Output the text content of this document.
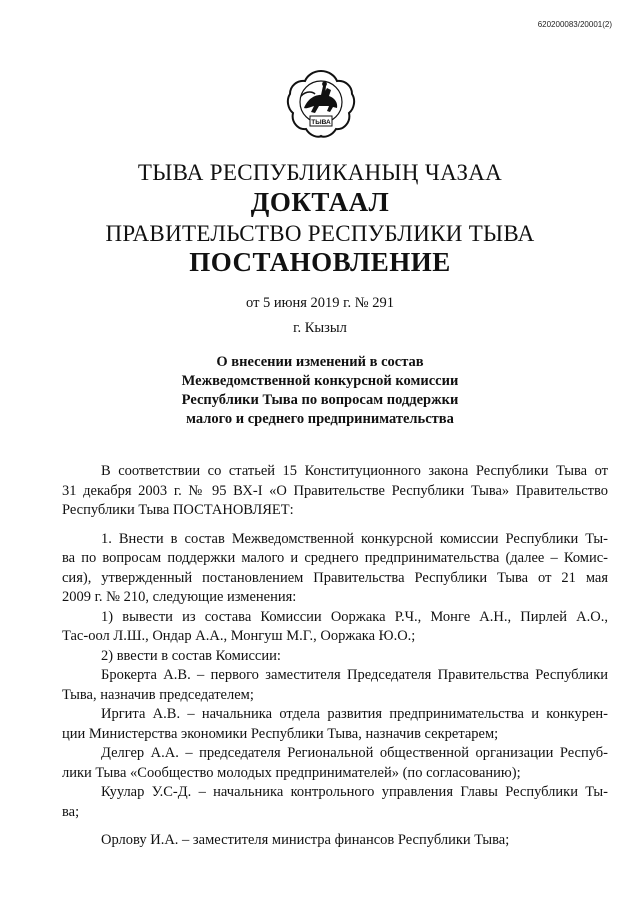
620200083/20001(2)
ТЫВА
ТЫВА РЕСПУБЛИКАНЫҢ ЧАЗАА
ДОКТААЛ
ПРАВИТЕЛЬСТВО РЕСПУБЛИКИ ТЫВА
ПОСТАНОВЛЕНИЕ
от 5 июня 2019 г. № 291
г. Кызыл
О внесении изменений в состав
Межведомственной конкурсной комиссии
Республики Тыва по вопросам поддержки
малого и среднего предпринимательства
В соответствии со статьей 15 Конституционного закона Республики Тыва от
31 декабря 2003 г. № 95 ВХ-I «О Правительстве Республики Тыва» Правительство
Республики Тыва ПОСТАНОВЛЯЕТ:
1. Внести в состав Межведомственной конкурсной комиссии Республики Ты-
ва по вопросам поддержки малого и среднего предпринимательства (далее – Комис-
сия), утвержденный постановлением Правительства Республики Тыва от 21 мая
2009 г. № 210, следующие изменения:
1) вывести из состава Комиссии Ооржака Р.Ч., Монге А.Н., Пирлей А.О.,
Тас-оол Л.Ш., Ондар А.А., Монгуш М.Г., Ооржака Ю.О.;
2) ввести в состав Комиссии:
Брокерта А.В. – первого заместителя Председателя Правительства Республики
Тыва, назначив председателем;
Иргита А.В. – начальника отдела развития предпринимательства и конкурен-
ции Министерства экономики Республики Тыва, назначив секретарем;
Делгер А.А. – председателя Региональной общественной организации Респуб-
лики Тыва «Сообщество молодых предпринимателей» (по согласованию);
Куулар У.С-Д. – начальника контрольного управления Главы Республики Ты-
ва;
Орлову И.А. – заместителя министра финансов Республики Тыва;
